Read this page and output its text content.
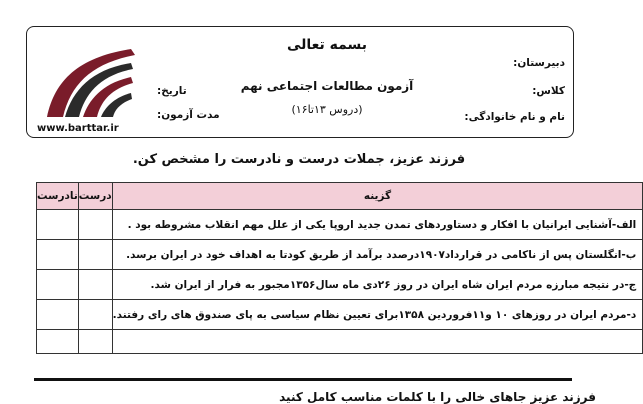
www.barttar.ir
بسمه تعالی
آزمون مطالعات اجتماعی نهم
(دروس ۱۳تا۱۶)
دبیرستان:
کلاس:
نام و نام خانوادگی:
تاریخ:
مدت آزمون:
فرزند عزیز، جملات درست و نادرست را مشخص کن.
گزینه	درست	نادرست
الف-آشنایی ایرانیان با افکار و دستاوردهای تمدن جدید اروپا یکی از علل مهم انقلاب مشروطه بود .		
ب-انگلستان پس از ناکامی در قرارداد۱۹۰۷درصدد برآمد از طریق کودتا به اهداف خود در ایران برسد.		
ج-در نتیجه مبارزه مردم ایران شاه ایران در روز ۲۶دی ماه سال۱۳۵۶مجبور به فرار از ایران شد.		
د-مردم ایران در روزهای ۱۰ و۱۱فروردین ۱۳۵۸برای تعیین نظام سیاسی به پای صندوق های رای رفتند.		

فرزند عزیز جاهای خالی را با کلمات مناسب کامل کنید
